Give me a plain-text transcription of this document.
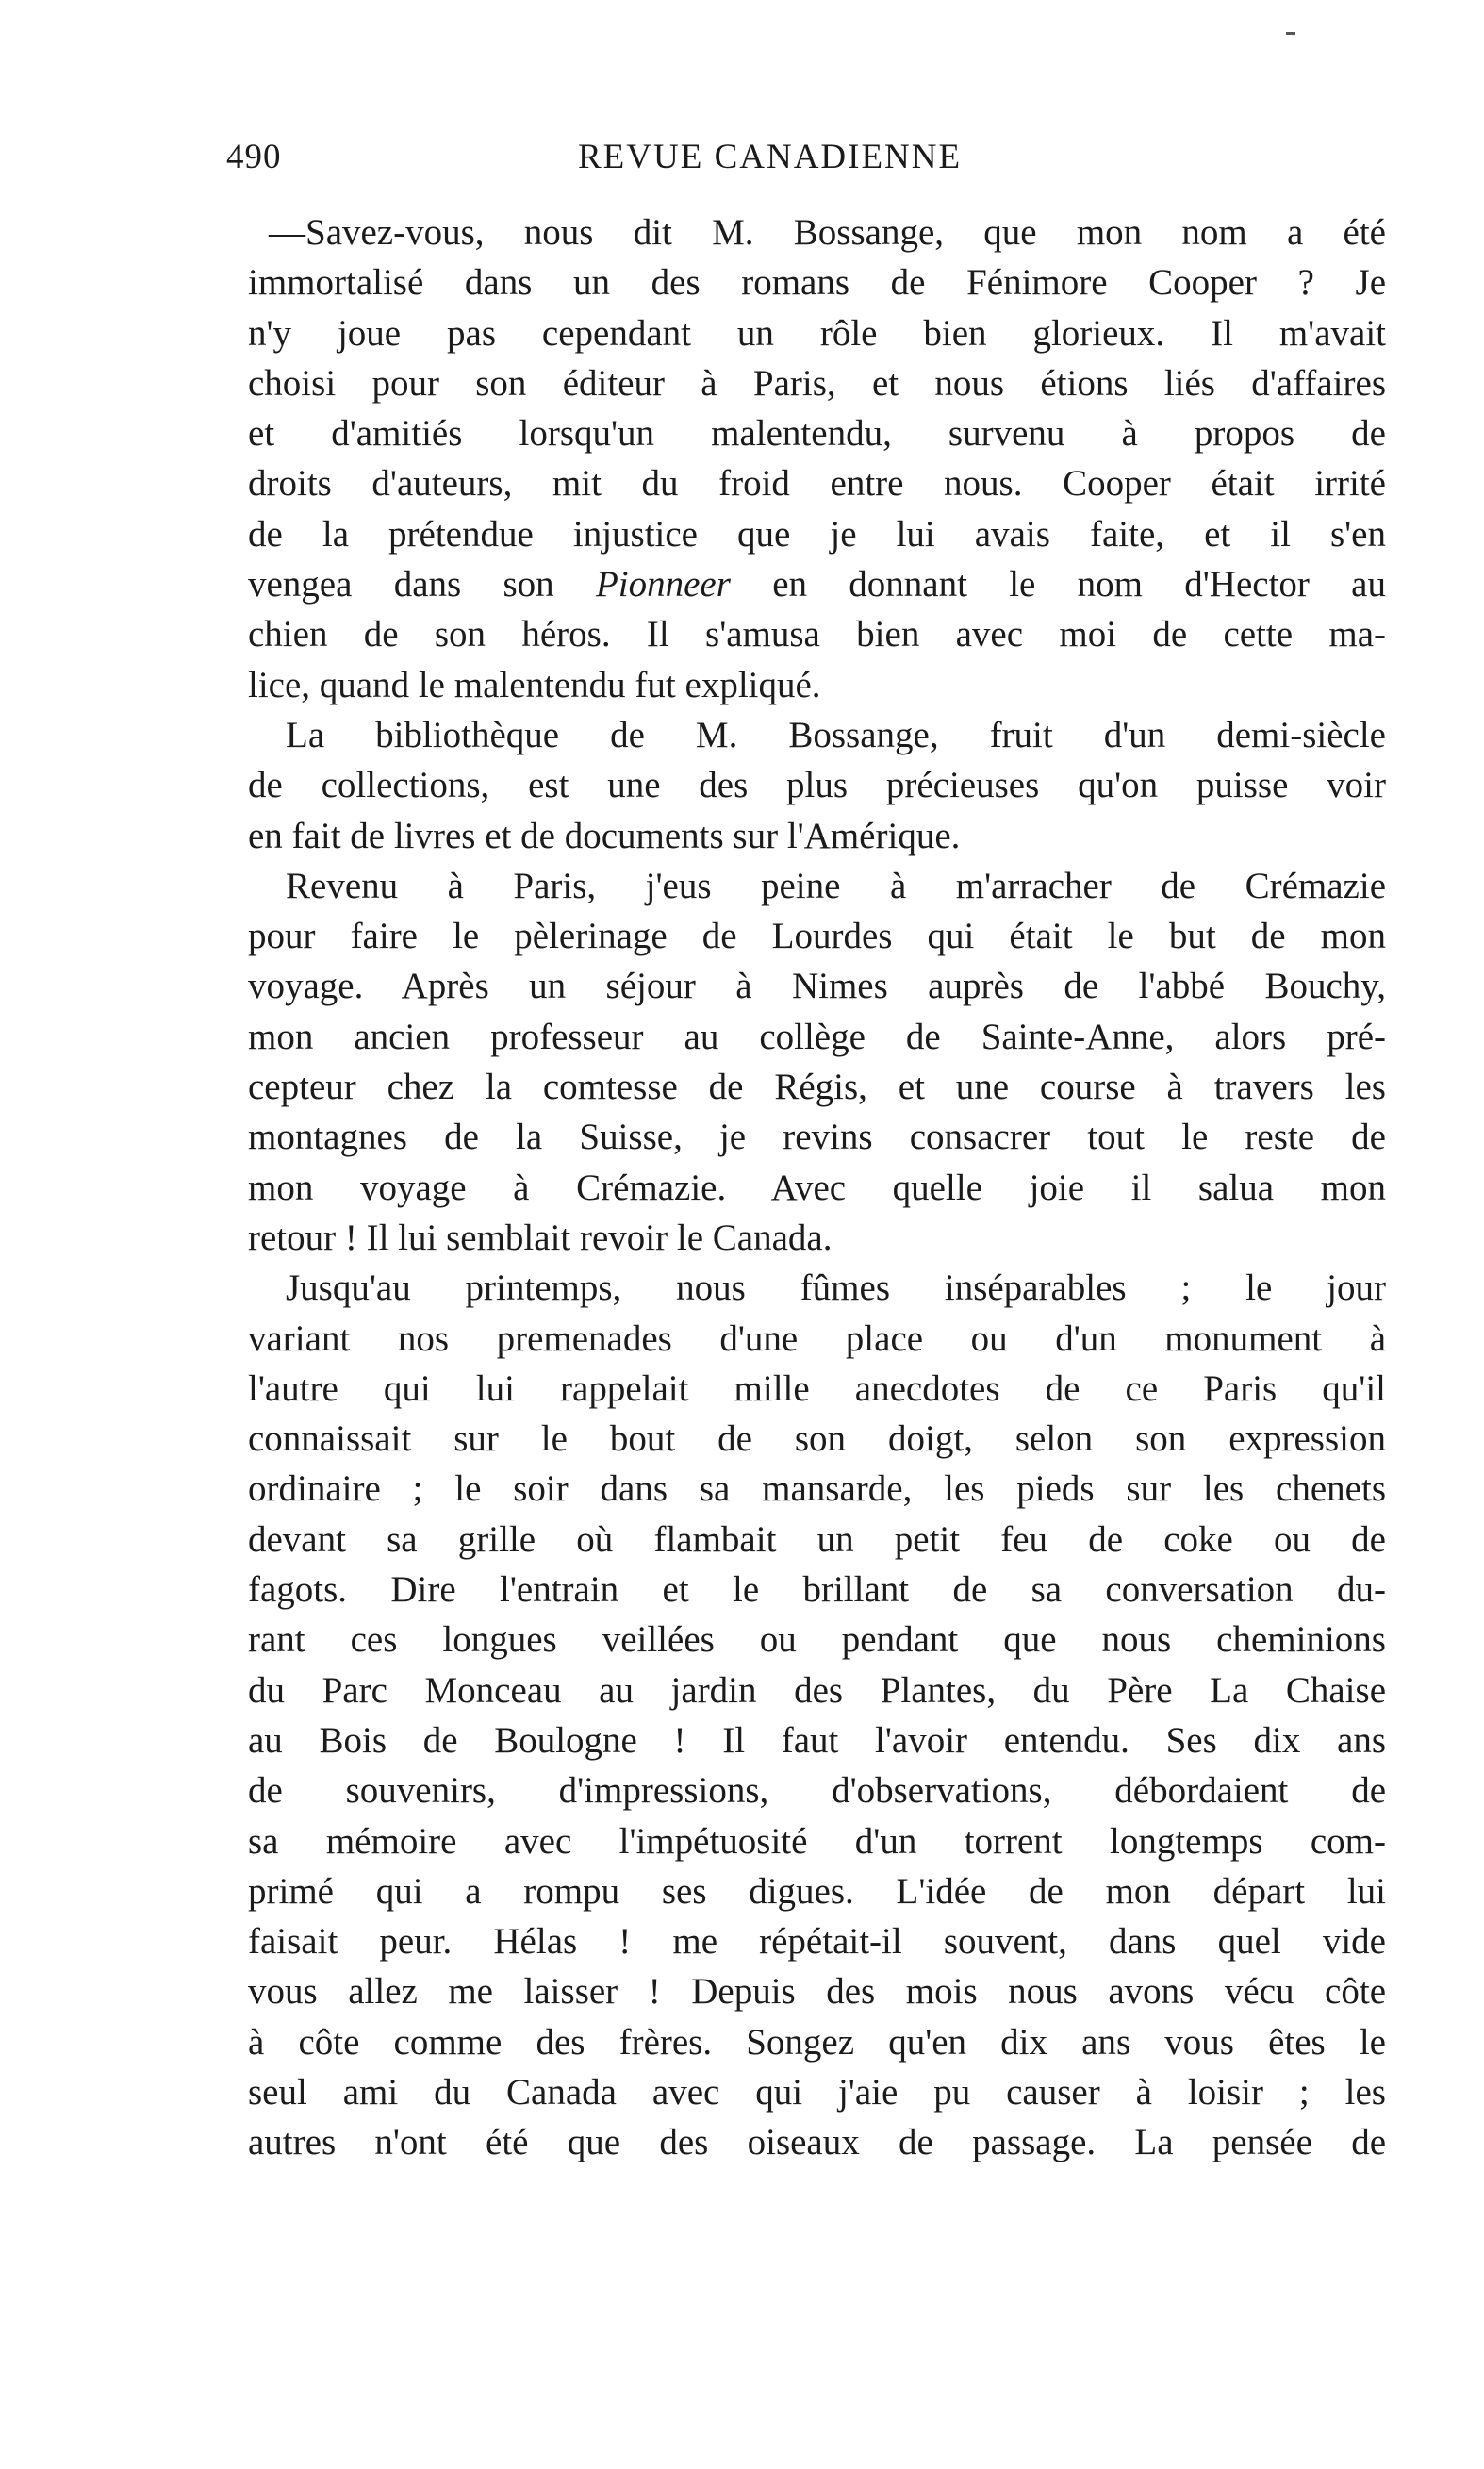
490	REVUE CANADIENNE
—Savez-vous, nous dit M. Bossange, que mon nom a été
immortalisé dans un des romans de Fénimore Cooper ? Je
n'y joue pas cependant un rôle bien glorieux. Il m'avait
choisi pour son éditeur à Paris, et nous étions liés d'affaires
et d'amitiés lorsqu'un malentendu, survenu à propos de
droits d'auteurs, mit du froid entre nous. Cooper était irrité
de la prétendue injustice que je lui avais faite, et il s'en
vengea dans son Pionneer en donnant le nom d'Hector au
chien de son héros. Il s'amusa bien avec moi de cette ma-
lice, quand le malentendu fut expliqué.
La bibliothèque de M. Bossange, fruit d'un demi-siècle
de collections, est une des plus précieuses qu'on puisse voir
en fait de livres et de documents sur l'Amérique.
Revenu à Paris, j'eus peine à m'arracher de Crémazie
pour faire le pèlerinage de Lourdes qui était le but de mon
voyage. Après un séjour à Nimes auprès de l'abbé Bouchy,
mon ancien professeur au collège de Sainte-Anne, alors pré-
cepteur chez la comtesse de Régis, et une course à travers les
montagnes de la Suisse, je revins consacrer tout le reste de
mon voyage à Crémazie. Avec quelle joie il salua mon
retour ! Il lui semblait revoir le Canada.
Jusqu'au printemps, nous fûmes inséparables ; le jour
variant nos premenades d'une place ou d'un monument à
l'autre qui lui rappelait mille anecdotes de ce Paris qu'il
connaissait sur le bout de son doigt, selon son expression
ordinaire ; le soir dans sa mansarde, les pieds sur les chenets
devant sa grille où flambait un petit feu de coke ou de
fagots. Dire l'entrain et le brillant de sa conversation du-
rant ces longues veillées ou pendant que nous cheminions
du Parc Monceau au jardin des Plantes, du Père La Chaise
au Bois de Boulogne ! Il faut l'avoir entendu. Ses dix ans
de souvenirs, d'impressions, d'observations, débordaient de
sa mémoire avec l'impétuosité d'un torrent longtemps com-
primé qui a rompu ses digues. L'idée de mon départ lui
faisait peur. Hélas ! me répétait-il souvent, dans quel vide
vous allez me laisser ! Depuis des mois nous avons vécu côte
à côte comme des frères. Songez qu'en dix ans vous êtes le
seul ami du Canada avec qui j'aie pu causer à loisir ; les
autres n'ont été que des oiseaux de passage. La pensée de
